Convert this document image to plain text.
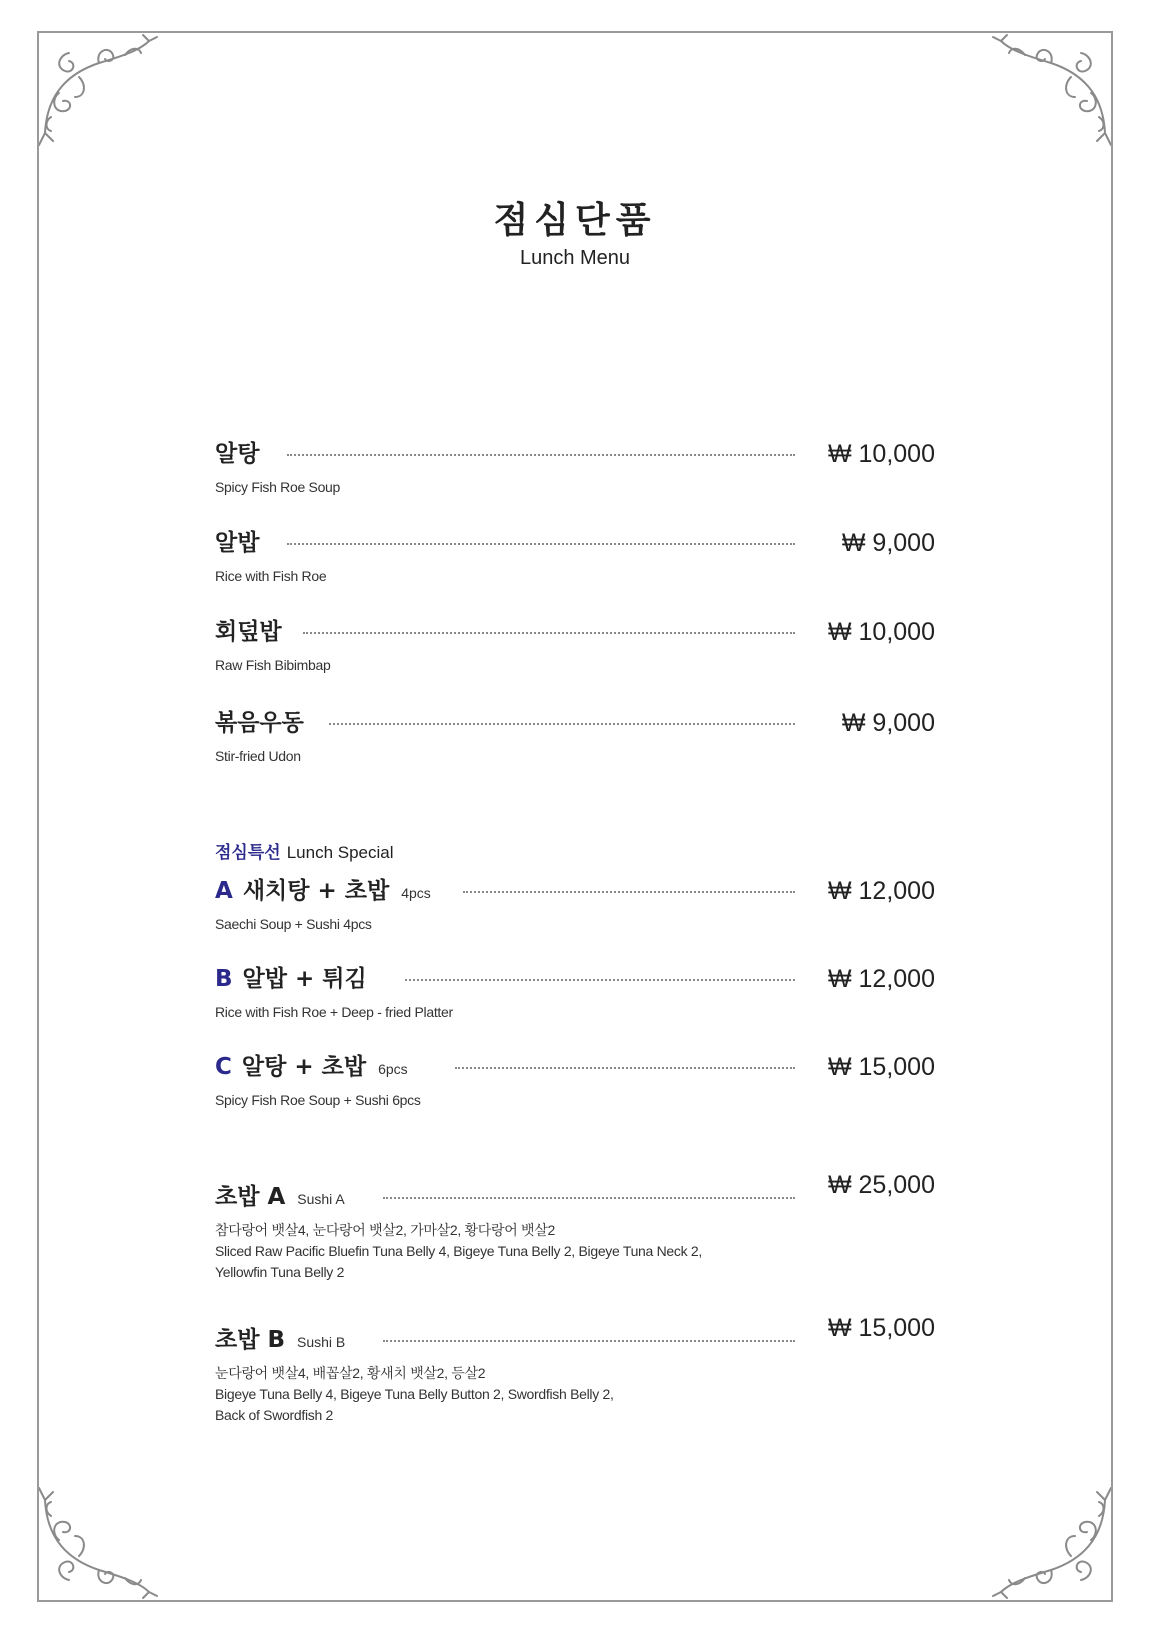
점심단품
Lunch Menu
알탕	₩ 10,000
Spicy Fish Roe Soup
알밥	₩ 9,000
Rice with Fish Roe
회덮밥	₩ 10,000
Raw Fish Bibimbap
볶음우동	₩ 9,000
Stir-fried Udon
점심특선 Lunch Special
A 새치탕 + 초밥 4pcs	₩ 12,000
Saechi Soup + Sushi 4pcs
B 알밥 + 튀김	₩ 12,000
Rice with Fish Roe + Deep - fried Platter
C 알탕 + 초밥 6pcs	₩ 15,000
Spicy Fish Roe Soup + Sushi 6pcs
초밥 A Sushi A	₩ 25,000
참다랑어 뱃살4, 눈다랑어 뱃살2, 가마살2, 황다랑어 뱃살2
Sliced Raw Pacific Bluefin Tuna Belly 4, Bigeye Tuna Belly 2, Bigeye Tuna Neck 2,
Yellowfin Tuna Belly 2
초밥 B Sushi B	₩ 15,000
눈다랑어 뱃살4, 배꼽살2, 황새치 뱃살2, 등살2
Bigeye Tuna Belly 4, Bigeye Tuna Belly Button 2, Swordfish Belly 2,
Back of Swordfish 2
